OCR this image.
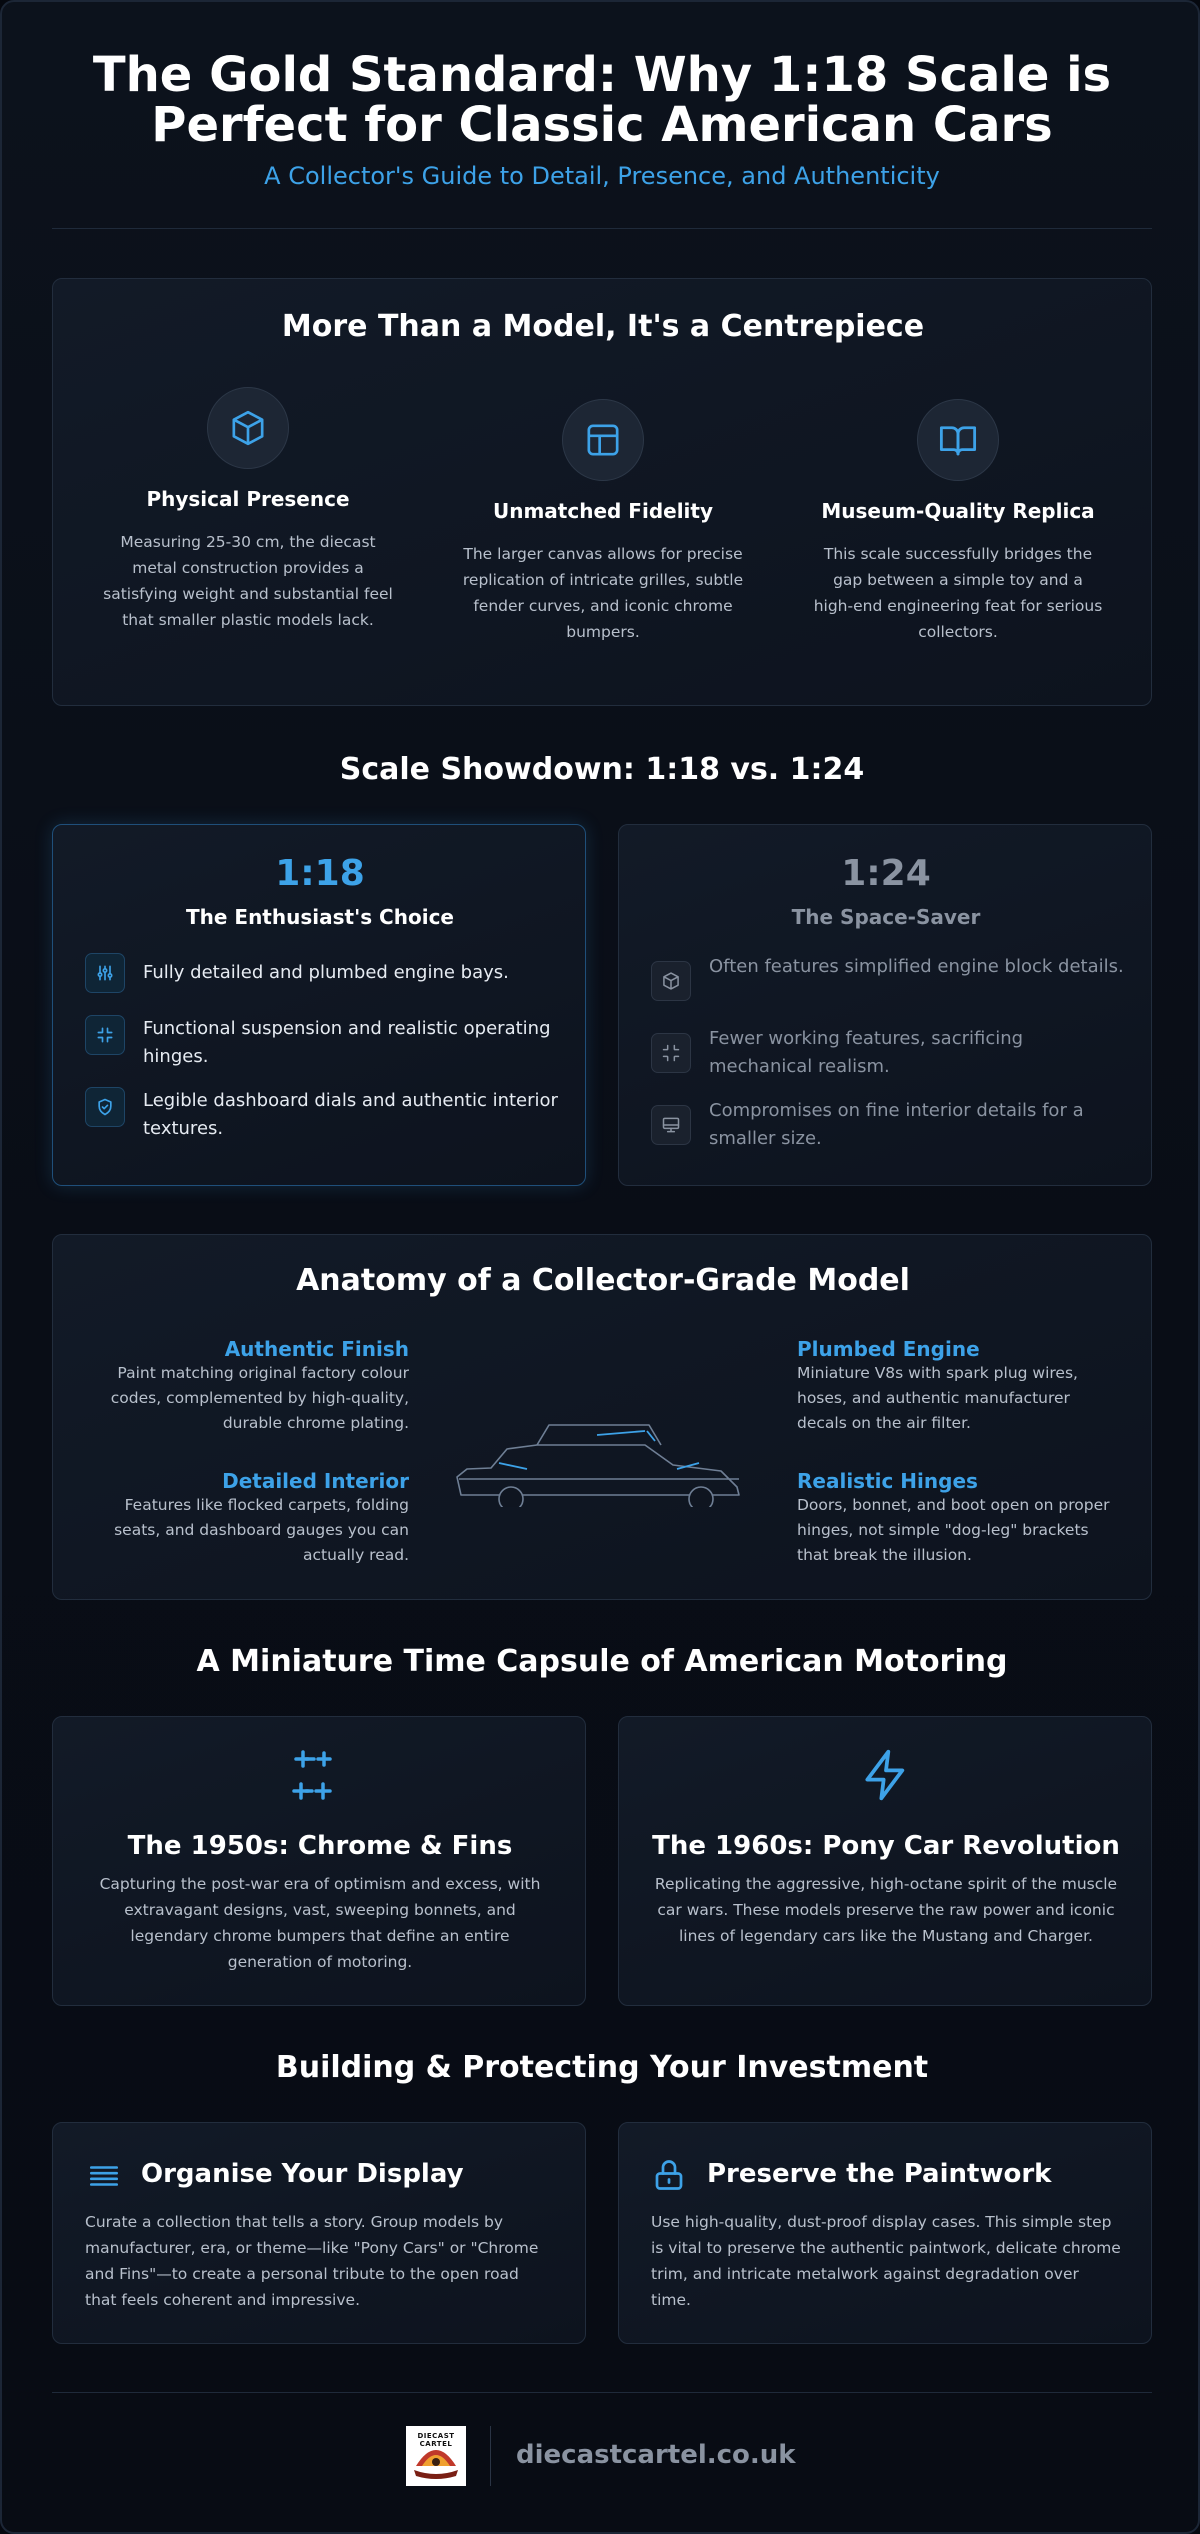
The Gold Standard: Why 1:18 Scale is
Perfect for Classic American Cars
A Collector's Guide to Detail, Presence, and Authenticity
More Than a Model, It's a Centrepiece
Physical Presence
Measuring 25-30 cm, the diecast metal construction provides a satisfying weight and substantial feel that smaller plastic models lack.
Unmatched Fidelity
The larger canvas allows for precise replication of intricate grilles, subtle fender curves, and iconic chrome bumpers.
Museum-Quality Replica
This scale successfully bridges the gap between a simple toy and a high-end engineering feat for serious collectors.
Scale Showdown: 1:18 vs. 1:24
1:18
The Enthusiast's Choice
Fully detailed and plumbed engine bays.
Functional suspension and realistic operating hinges.
Legible dashboard dials and authentic interior textures.
1:24
The Space-Saver
Often features simplified engine block details.
Fewer working features, sacrificing mechanical realism.
Compromises on fine interior details for a smaller size.
Anatomy of a Collector-Grade Model
Authentic Finish
Paint matching original factory colour codes, complemented by high-quality, durable chrome plating.
Detailed Interior
Features like flocked carpets, folding seats, and dashboard gauges you can actually read.
Plumbed Engine
Miniature V8s with spark plug wires, hoses, and authentic manufacturer decals on the air filter.
Realistic Hinges
Doors, bonnet, and boot open on proper hinges, not simple "dog-leg" brackets that break the illusion.
A Miniature Time Capsule of American Motoring
The 1950s: Chrome & Fins
Capturing the post-war era of optimism and excess, with extravagant designs, vast, sweeping bonnets, and legendary chrome bumpers that define an entire generation of motoring.
The 1960s: Pony Car Revolution
Replicating the aggressive, high-octane spirit of the muscle car wars. These models preserve the raw power and iconic lines of legendary cars like the Mustang and Charger.
Building & Protecting Your Investment
Organise Your Display
Curate a collection that tells a story. Group models by manufacturer, era, or theme—like "Pony Cars" or "Chrome and Fins"—to create a personal tribute to the open road that feels coherent and impressive.
Preserve the Paintwork
Use high-quality, dust-proof display cases. This simple step is vital to preserve the authentic paintwork, delicate chrome trim, and intricate metalwork against degradation over time.
DIECAST CARTEL	diecastcartel.co.uk
